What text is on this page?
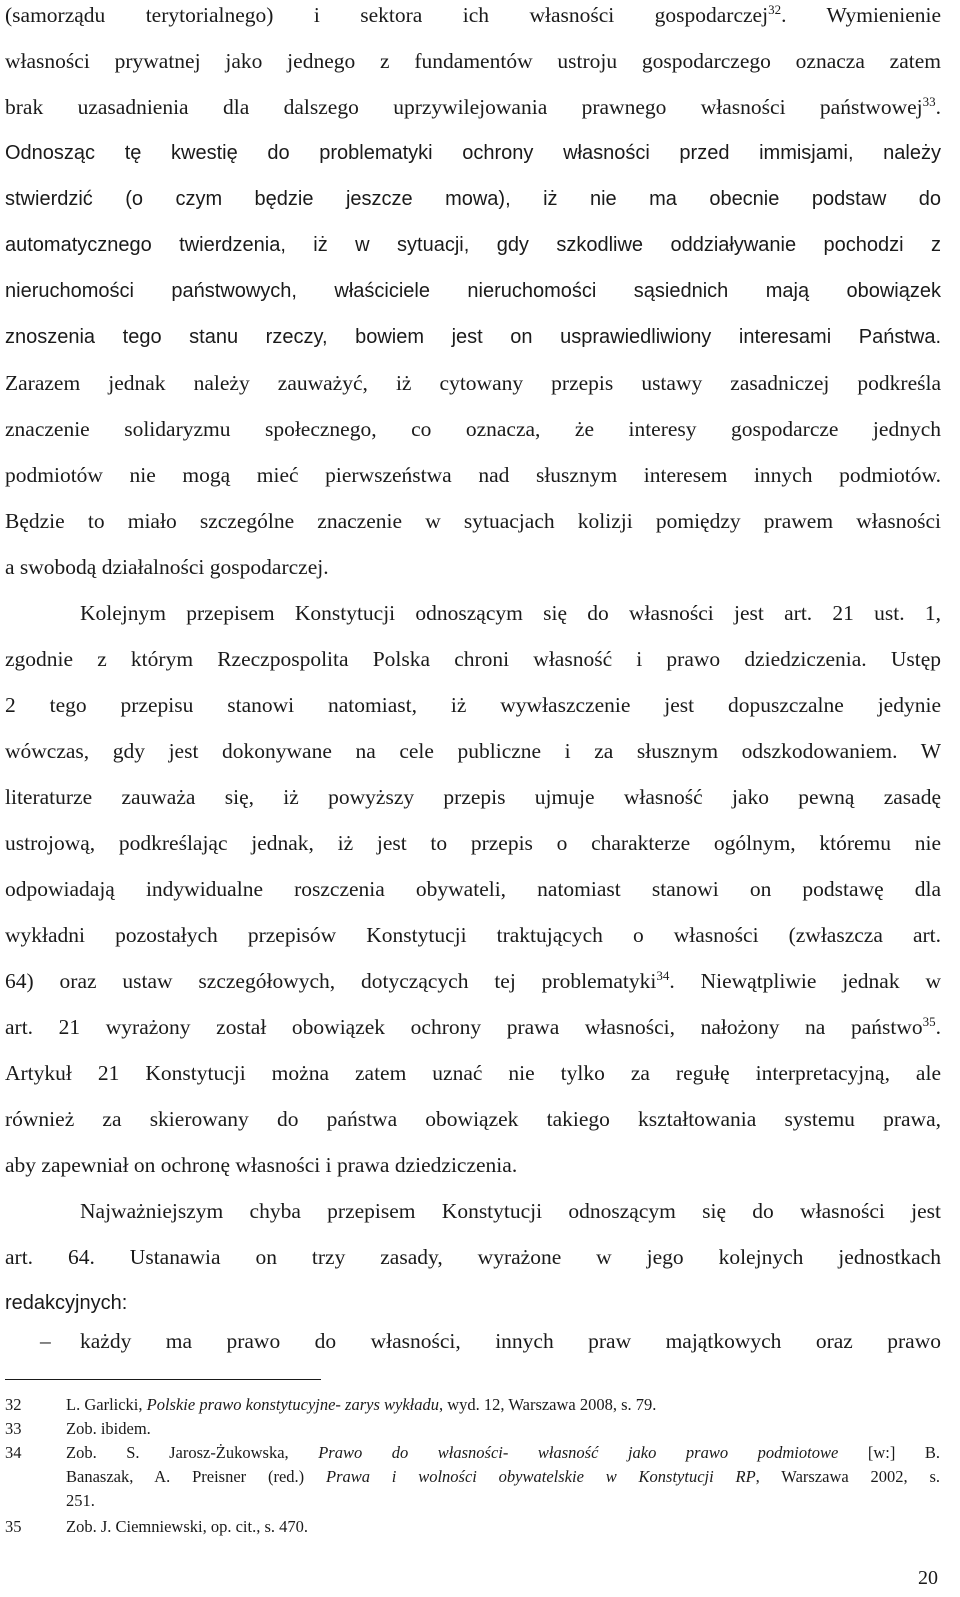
(samorządu terytorialnego) i sektora ich własności gospodarczej$^{32}$. Wymienienie
własności prywatnej jako jednego z fundamentów ustroju gospodarczego oznacza zatem
brak uzasadnienia dla dalszego uprzywilejowania prawnego własności państwowej$^{33}$.
Odnosząc tę kwestię do problematyki ochrony własności przed immisjami, należy
stwierdzić (o czym będzie jeszcze mowa), iż nie ma obecnie podstaw do
automatycznego twierdzenia, iż w sytuacji, gdy szkodliwe oddziaływanie pochodzi z
nieruchomości państwowych, właściciele nieruchomości sąsiednich mają obowiązek
znoszenia tego stanu rzeczy, bowiem jest on usprawiedliwiony interesami Państwa.
Zarazem jednak należy zauważyć, iż cytowany przepis ustawy zasadniczej podkreśla
znaczenie solidaryzmu społecznego, co oznacza, że interesy gospodarcze jednych
podmiotów nie mogą mieć pierwszeństwa nad słusznym interesem innych podmiotów.
Będzie to miało szczególne znaczenie w sytuacjach kolizji pomiędzy prawem własności
a swobodą działalności gospodarczej.
Kolejnym przepisem Konstytucji odnoszącym się do własności jest art. 21 ust. 1,
zgodnie z którym Rzeczpospolita Polska chroni własność i prawo dziedziczenia. Ustęp
2 tego przepisu stanowi natomiast, iż wywłaszczenie jest dopuszczalne jedynie
wówczas, gdy jest dokonywane na cele publiczne i za słusznym odszkodowaniem. W
literaturze zauważa się, iż powyższy przepis ujmuje własność jako pewną zasadę
ustrojową, podkreślając jednak, iż jest to przepis o charakterze ogólnym, któremu nie
odpowiadają indywidualne roszczenia obywateli, natomiast stanowi on podstawę dla
wykładni pozostałych przepisów Konstytucji traktujących o własności (zwłaszcza art.
64) oraz ustaw szczegółowych, dotyczących tej problematyki$^{34}$. Niewątpliwie jednak w
art. 21 wyrażony został obowiązek ochrony prawa własności, nałożony na państwo$^{35}$.
Artykuł 21 Konstytucji można zatem uznać nie tylko za regułę interpretacyjną, ale
również za skierowany do państwa obowiązek takiego kształtowania systemu prawa,
aby zapewniał on ochronę własności i prawa dziedziczenia.
Najważniejszym chyba przepisem Konstytucji odnoszącym się do własności jest
art. 64. Ustanawia on trzy zasady, wyrażone w jego kolejnych jednostkach
redakcyjnych:
– każdy ma prawo do własności, innych praw majątkowych oraz prawo
32	L. Garlicki, Polskie prawo konstytucyjne- zarys wykładu, wyd. 12, Warszawa 2008, s. 79.
33	Zob. ibidem.
34	Zob. S. Jarosz-Żukowska, Prawo do własności- własność jako prawo podmiotowe [w:] B.
Banaszak, A. Preisner (red.) Prawa i wolności obywatelskie w Konstytucji RP, Warszawa 2002, s.
251.
35	Zob. J. Ciemniewski, op. cit., s. 470.
20
